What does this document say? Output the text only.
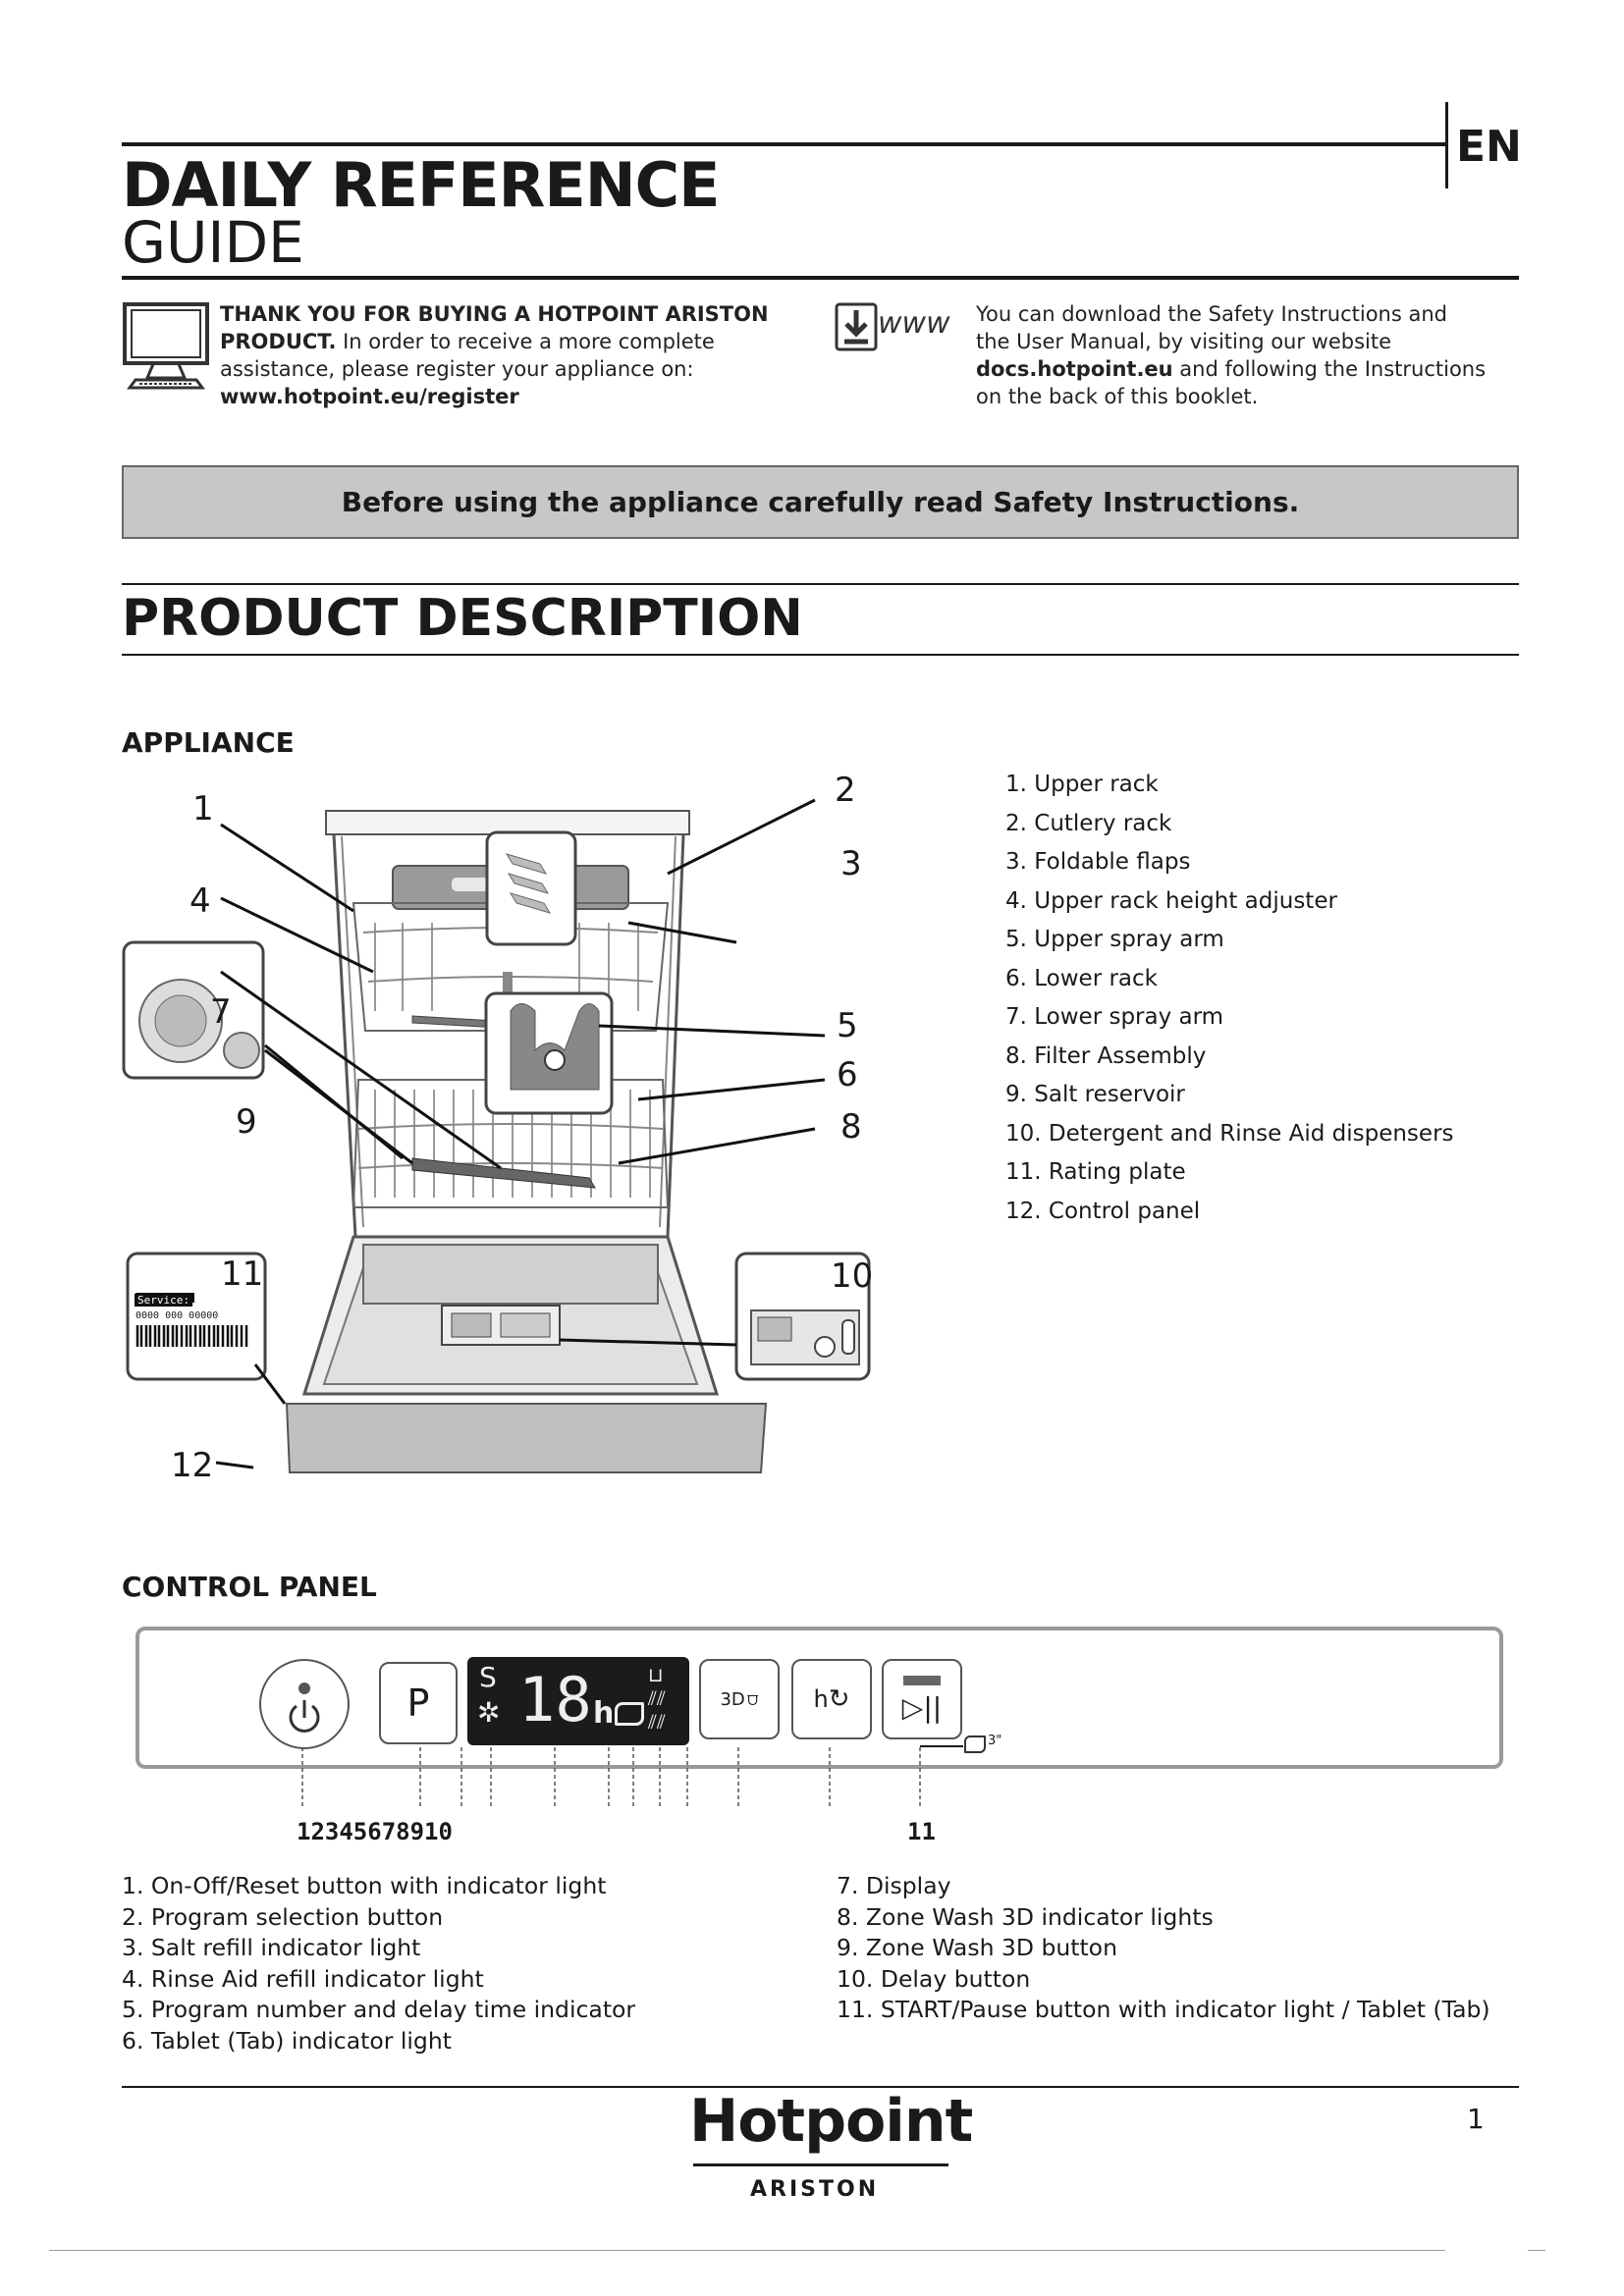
EN
DAILY REFERENCE
GUIDE
THANK YOU FOR BUYING A HOTPOINT ARISTON PRODUCT. In order to receive a more complete assistance, please register your appliance on:
www.hotpoint.eu/register
www You can download the Safety Instructions and the User Manual, by visiting our website docs.hotpoint.eu and following the Instructions on the back of this booklet.
Before using the appliance carefully read Safety Instructions.
PRODUCT DESCRIPTION
APPLIANCE
1	2
3
4
5
6
7
8
9
10
11
12
Service:
0000 000 00000
1. Upper rack
2. Cutlery rack
3. Foldable flaps
4. Upper rack height adjuster
5. Upper spray arm
6. Lower rack
7. Lower spray arm
8. Filter Assembly
9. Salt reservoir
10. Detergent and Rinse Aid dispensers
11. Rating plate
12. Control panel
CONTROL PANEL
P
S
✲ 18 h
⊔
⫽⫽
⫽⫽
3D ⩌ h ↻ ▷||
3"
12345678910	11
1. On-Off/Reset button with indicator light
2. Program selection button
3. Salt refill indicator light
4. Rinse Aid refill indicator light
5. Program number and delay time indicator
6. Tablet (Tab) indicator light
7. Display
8. Zone Wash 3D indicator lights
9. Zone Wash 3D button
10. Delay button
11. START/Pause button with indicator light / Tablet (Tab)
Hotpoint
ARISTON
1
